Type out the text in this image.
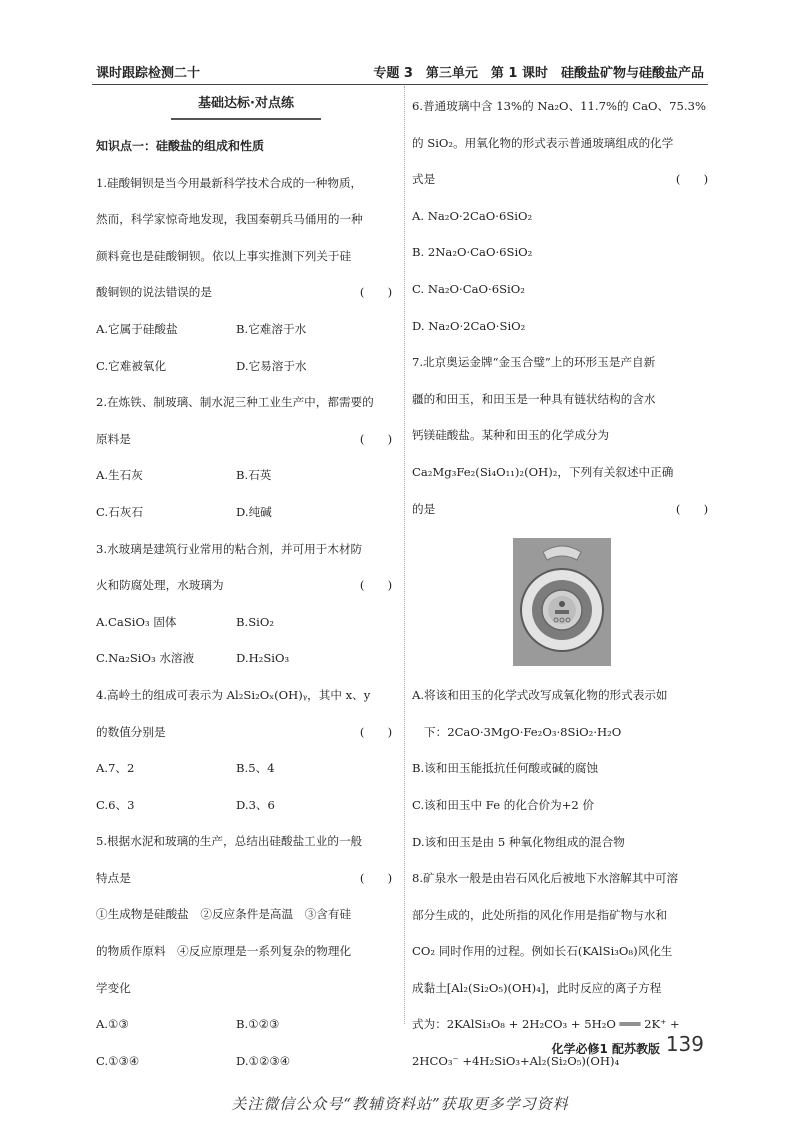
课时跟踪检测二十	专题 3　第三单元　第 1 课时　硅酸盐矿物与硅酸盐产品
基础达标·对点练
知识点一：硅酸盐的组成和性质

1.硅酸铜钡是当今用最新科学技术合成的一种物质，

然而，科学家惊奇地发现，我国秦朝兵马俑用的一种

颜料竟也是硅酸铜钡。依以上事实推测下列关于硅

酸铜钡的说法错误的是	(　　)

A.它属于硅酸盐	B.它难溶于水
C.它难被氧化	D.它易溶于水

2.在炼铁、制玻璃、制水泥三种工业生产中，都需要的

原料是	(　　)

A.生石灰	B.石英
C.石灰石	D.纯碱

3.水玻璃是建筑行业常用的粘合剂，并可用于木材防

火和防腐处理，水玻璃为	(　　)

A.CaSiO₃ 固体	B.SiO₂
C.Na₂SiO₃ 水溶液	D.H₂SiO₃

4.高岭土的组成可表示为 Al₂Si₂Oₓ(OH)ᵧ，其中 x、y

的数值分别是	(　　)

A.7、2	B.5、4
C.6、3	D.3、6

5.根据水泥和玻璃的生产，总结出硅酸盐工业的一般

特点是	(　　)

①生成物是硅酸盐　②反应条件是高温　③含有硅

的物质作原料　④反应原理是一系列复杂的物理化

学变化

A.①③	B.①②③
C.①③④	D.①②③④

6.普通玻璃中含 13%的 Na₂O、11.7%的 CaO、75.3%

的 SiO₂。用氧化物的形式表示普通玻璃组成的化学

式是	(　　)

A. Na₂O·2CaO·6SiO₂
B. 2Na₂O·CaO·6SiO₂
C. Na₂O·CaO·6SiO₂
D. Na₂O·2CaO·SiO₂

7.北京奥运金牌“金玉合璧”上的环形玉是产自新

疆的和田玉，和田玉是一种具有链状结构的含水

钙镁硅酸盐。某种和田玉的化学成分为

Ca₂Mg₃Fe₂(Si₄O₁₁)₂(OH)₂，下列有关叙述中正确

的是	(　　)

A.将该和田玉的化学式改写成氧化物的形式表示如
下：2CaO·3MgO·Fe₂O₃·8SiO₂·H₂O
B.该和田玉能抵抗任何酸或碱的腐蚀
C.该和田玉中 Fe 的化合价为+2 价
D.该和田玉是由 5 种氧化物组成的混合物

8.矿泉水一般是由岩石风化后被地下水溶解其中可溶

部分生成的，此处所指的风化作用是指矿物与水和

CO₂ 同时作用的过程。例如长石(KAlSi₃O₈)风化生

成黏土[Al₂(Si₂O₅)(OH)₄]，此时反应的离子方程

式为：2KAlSi₃O₈ + 2H₂CO₃ + 5H₂O ═══ 2K⁺ +

2HCO₃⁻ +4H₂SiO₃+Al₂(Si₂O₅)(OH)₄

化学必修1 配苏教版 139
关注微信公众号“教辅资料站”获取更多学习资料
